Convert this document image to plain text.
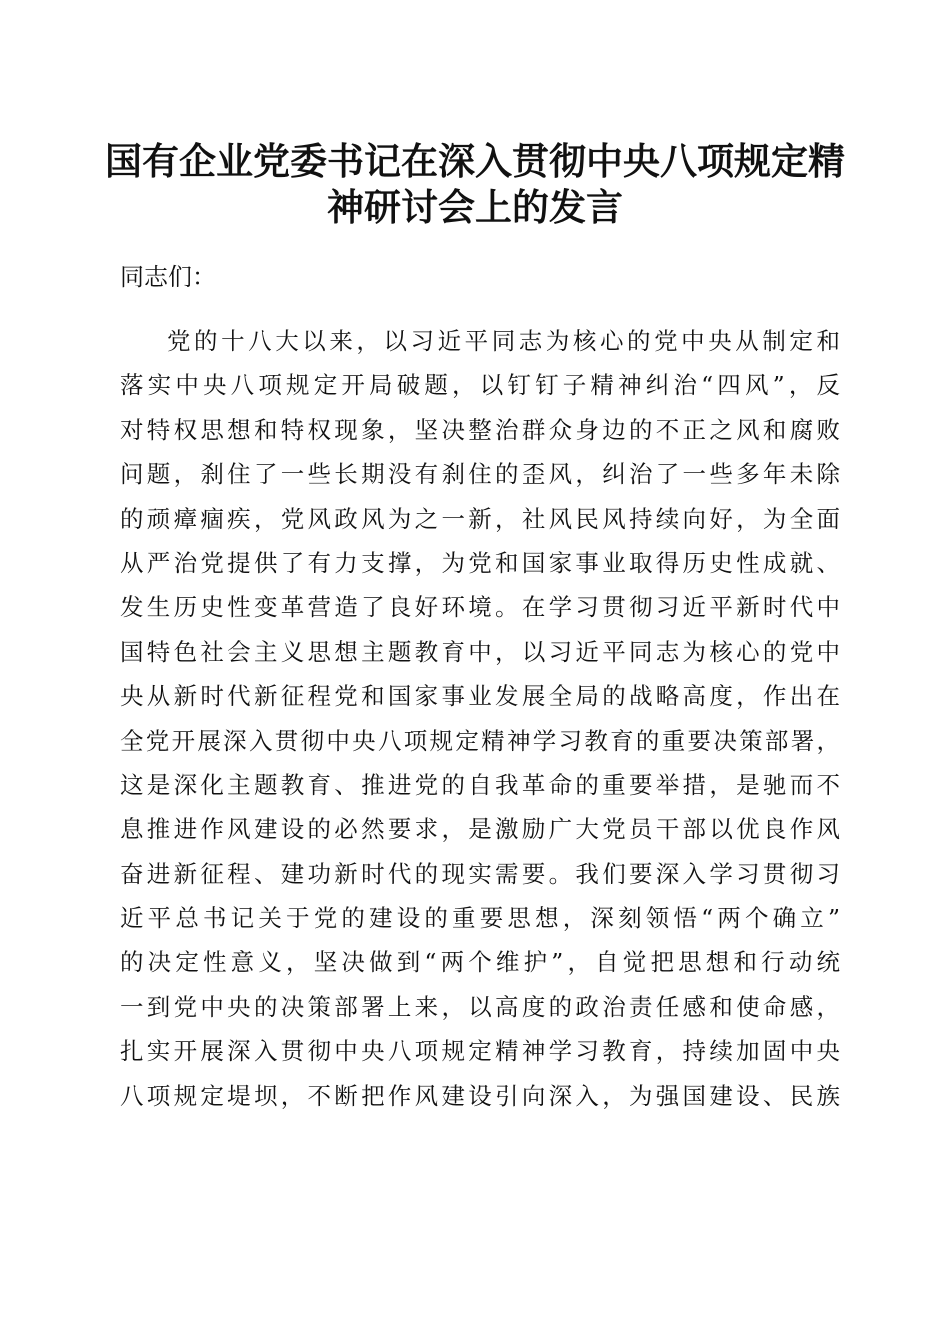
国有企业党委书记在深入贯彻中央八项规定精
神研讨会上的发言

同志们：

党的十八大以来，以习近平同志为核心的党中央从制定和
落实中央八项规定开局破题，以钉钉子精神纠治“四风”，反
对特权思想和特权现象，坚决整治群众身边的不正之风和腐败
问题，刹住了一些长期没有刹住的歪风，纠治了一些多年未除
的顽瘴痼疾，党风政风为之一新，社风民风持续向好，为全面
从严治党提供了有力支撑，为党和国家事业取得历史性成就、
发生历史性变革营造了良好环境。在学习贯彻习近平新时代中
国特色社会主义思想主题教育中，以习近平同志为核心的党中
央从新时代新征程党和国家事业发展全局的战略高度，作出在
全党开展深入贯彻中央八项规定精神学习教育的重要决策部署，
这是深化主题教育、推进党的自我革命的重要举措，是驰而不
息推进作风建设的必然要求，是激励广大党员干部以优良作风
奋进新征程、建功新时代的现实需要。我们要深入学习贯彻习
近平总书记关于党的建设的重要思想，深刻领悟“两个确立”
的决定性意义，坚决做到“两个维护”，自觉把思想和行动统
一到党中央的决策部署上来，以高度的政治责任感和使命感，
扎实开展深入贯彻中央八项规定精神学习教育，持续加固中央
八项规定堤坝，不断把作风建设引向深入，为强国建设、民族
